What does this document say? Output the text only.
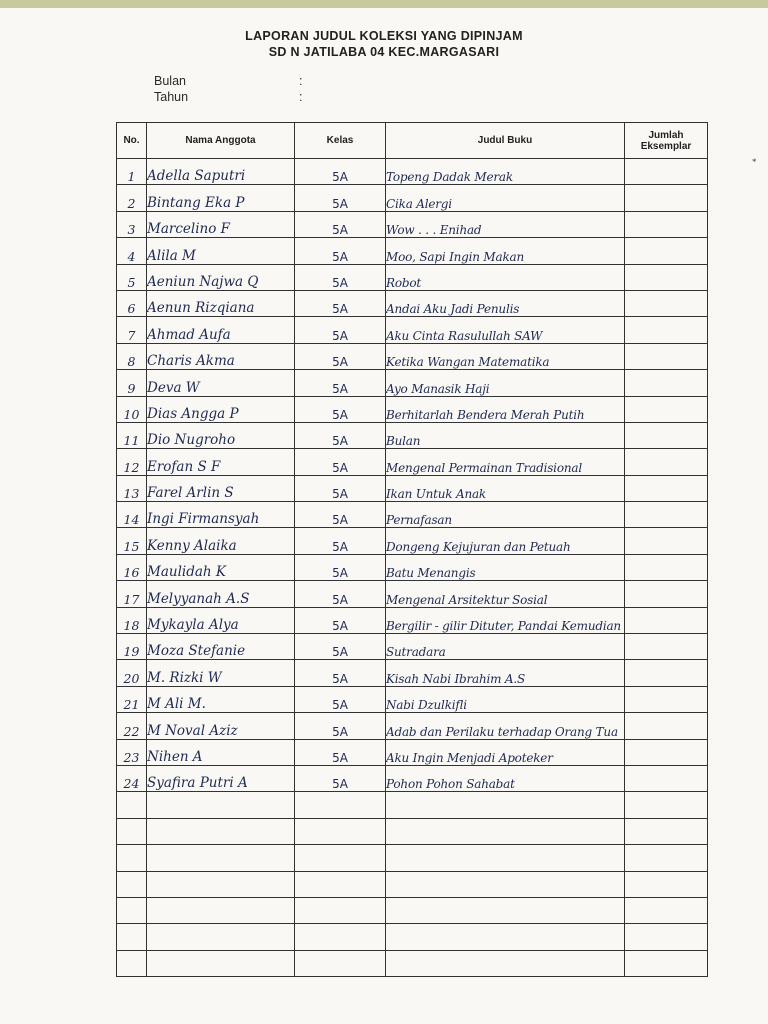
LAPORAN JUDUL KOLEKSI YANG DIPINJAM
SD N JATILABA 04 KEC.MARGASARI
Bulan	:
Tahun	:
*
No.	Nama Anggota	Kelas	Judul Buku	Jumlah Eksemplar
1	Adella Saputri	5A	Topeng Dadak Merak	
2	Bintang Eka P	5A	Cika Alergi	
3	Marcelino F	5A	Wow . . . Enihad	
4	Alila M	5A	Moo, Sapi Ingin Makan	
5	Aeniun Najwa Q	5A	Robot	
6	Aenun Rizqiana	5A	Andai Aku Jadi Penulis	
7	Ahmad Aufa	5A	Aku Cinta Rasulullah SAW	
8	Charis Akma	5A	Ketika Wangan Matematika	
9	Deva W	5A	Ayo Manasik Haji	
10	Dias Angga P	5A	Berhitarlah Bendera Merah Putih	
11	Dio Nugroho	5A	Bulan	
12	Erofan S F	5A	Mengenal Permainan Tradisional	
13	Farel Arlin S	5A	Ikan Untuk Anak	
14	Ingi Firmansyah	5A	Pernafasan	
15	Kenny Alaika	5A	Dongeng Kejujuran dan Petuah	
16	Maulidah K	5A	Batu Menangis	
17	Melyyanah A.S	5A	Mengenal Arsitektur Sosial	
18	Mykayla Alya	5A	Bergilir - gilir Dituter, Pandai Kemudian	
19	Moza Stefanie	5A	Sutradara	
20	M. Rizki W	5A	Kisah Nabi Ibrahim A.S	
21	M Ali M.	5A	Nabi Dzulkifli	
22	M Noval Aziz	5A	Adab dan Perilaku terhadap Orang Tua	
23	Nihen A	5A	Aku Ingin Menjadi Apoteker	
24	Syafira Putri A	5A	Pohon Pohon Sahabat	
